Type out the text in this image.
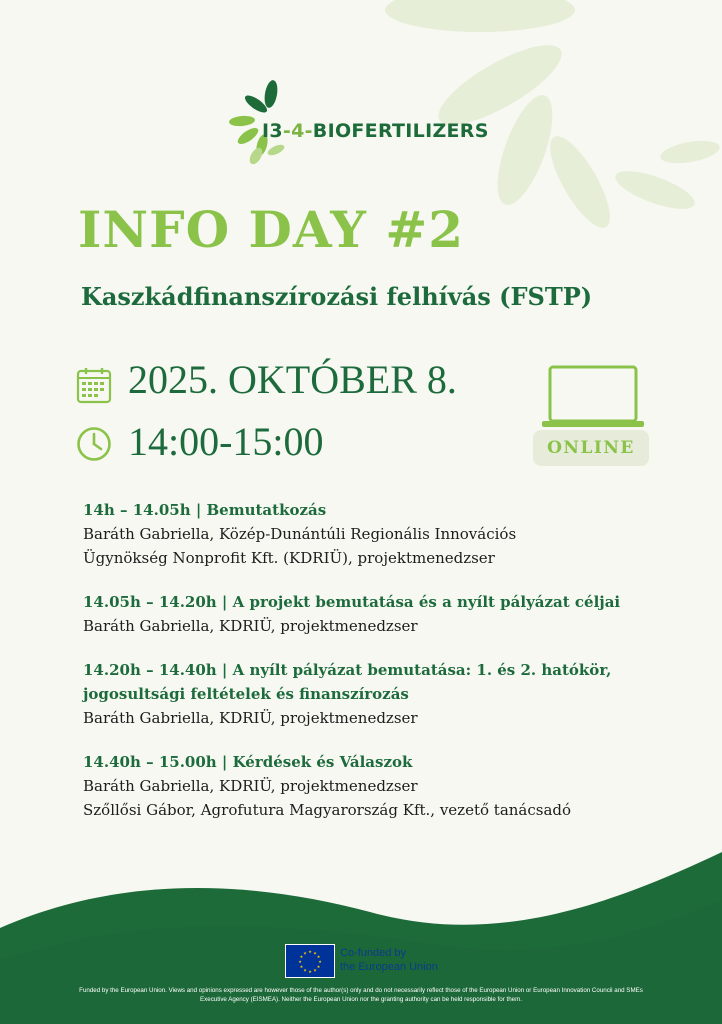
I3-4-BIOFERTILIZERS
INFO DAY #2
Kaszkádfinanszírozási felhívás (FSTP)
2025. OKTÓBER 8.
14:00-15:00	ONLINE
14h – 14.05h | Bemutatkozás
Baráth Gabriella, Közép-Dunántúli Regionális Innovációs
Ügynökség Nonprofit Kft. (KDRIÜ), projektmenedzser
14.05h – 14.20h | A projekt bemutatása és a nyílt pályázat céljai
Baráth Gabriella, KDRIÜ, projektmenedzser
14.20h – 14.40h | A nyílt pályázat bemutatása: 1. és 2. hatókör,
jogosultsági feltételek és finanszírozás
Baráth Gabriella, KDRIÜ, projektmenedzser
14.40h – 15.00h | Kérdések és Válaszok
Baráth Gabriella, KDRIÜ, projektmenedzser
Szőllősi Gábor, Agrofutura Magyarország Kft., vezető tanácsadó
★ ★
★
★
★
★
★
★
★
★
★
★	Co-funded by
the European Union
Funded by the European Union. Views and opinions expressed are however those of the author(s) only and do not necessarily reflect those of the European Union or European Innovation Council and SMEs Executive Agency (EISMEA). Neither the European Union nor the granting authority can be held responsible for them.
